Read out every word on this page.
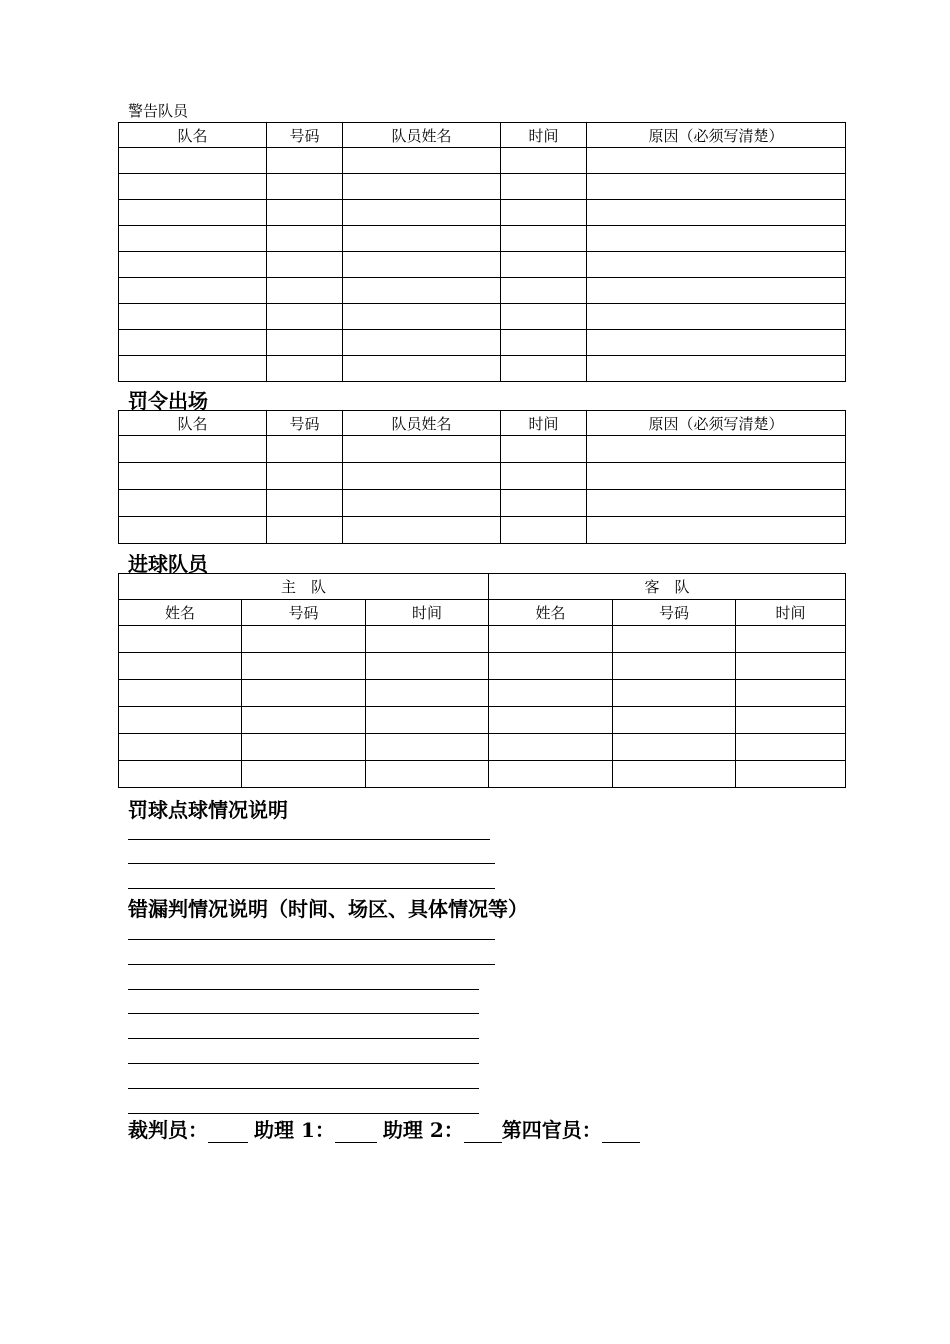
警告队员
队名	号码	队员姓名	时间	原因（必须写清楚）

罚令出场
队名	号码	队员姓名	时间	原因（必须写清楚）

进球队员
主　队			客　队		
姓名	号码	时间	姓名	号码	时间

罚球点球情况说明
错漏判情况说明（时间、场区、具体情况等）
裁判员： 助理 1： 助理 2： 第四官员：
